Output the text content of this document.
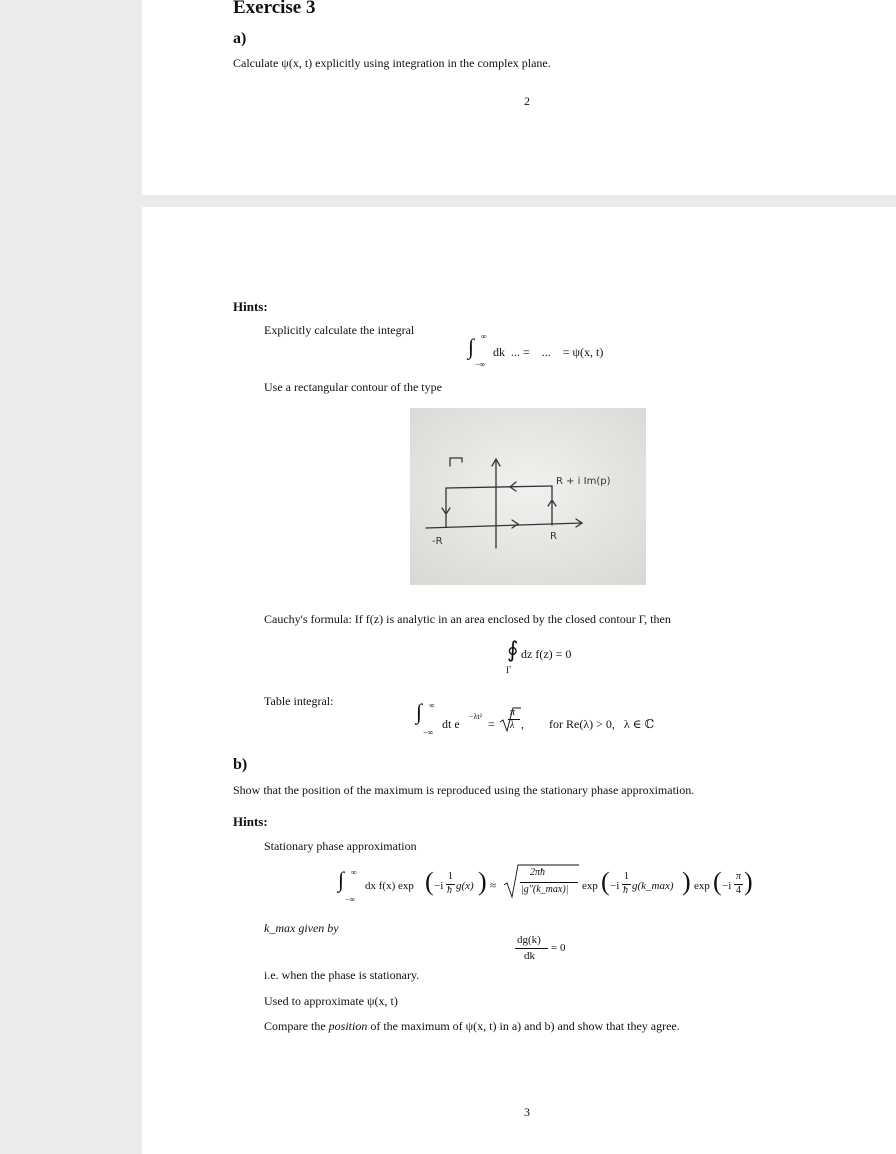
Exercise 3
a)
Calculate ψ(x, t) explicitly using integration in the complex plane.
2
Hints:
Explicitly calculate the integral
∫ ∞
−∞
dk  ... =    ...    = ψ(x, t)
Use a rectangular contour of the type
R + i Im(p)
-R	R
Cauchy's formula: If f(z) is analytic in an area enclosed by the closed contour Γ, then
∮
Γ
dz f(z) = 0
Table integral:	∫ ∞
−∞
dt e
−λt²
=
π
λ , for Re(λ) > 0,   λ ∈ ℂ
b)
Show that the position of the maximum is reproduced using the stationary phase approximation.
Hints:
Stationary phase approximation
∫ ∞
−∞
dx f(x) exp ( −i
1
ħ g(x) ) ≈
2πħ
|g″(k_max)| exp ( −i
1
ħ g(k_max) ) exp ( −i
π
4 )
k_max given by
dg(k)
dk
= 0
i.e. when the phase is stationary.
Used to approximate ψ(x, t)
Compare the position of the maximum of ψ(x, t) in a) and b) and show that they agree.
3
